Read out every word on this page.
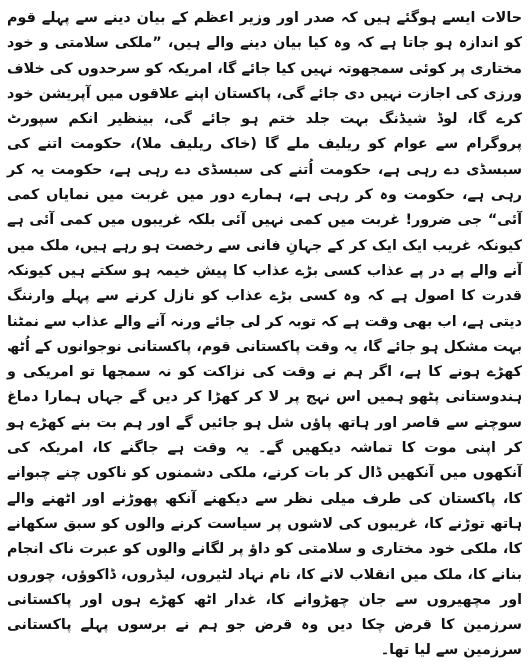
حالات ایسے ہوگئے ہیں کہ صدر اور وزیر اعظم کے بیان دینے سے پہلے قوم کو اندازہ ہو جاتا ہے کہ وہ کیا بیان دینے والے ہیں، ”ملکی سلامتی و خود مختاری پر کوئی سمجھوتہ نہیں کیا جائے گا، امریکہ کو سرحدوں کی خلاف ورزی کی اجازت نہیں دی جائے گی، پاکستان اپنے علاقوں میں آپریشن خود کرے گا، لوڈ شیڈنگ بہت جلد ختم ہو جائے گی، بینظیر انکم سپورٹ پروگرام سے عوام کو ریلیف ملے گا (خاک ریلیف ملا)، حکومت اتنے کی سبسڈی دے رہی ہے، حکومت اُتنے کی سبسڈی دے رہی ہے، حکومت یہ کر رہی ہے، حکومت وہ کر رہی ہے، ہمارے دور میں غربت میں نمایاں کمی آئی“ جی ضرور! غربت میں کمی نہیں آئی بلکہ غریبوں میں کمی آئی ہے کیونکہ غریب ایک ایک کر کے جہانِ فانی سے رخصت ہو رہے ہیں، ملک میں آنے والے پے در پے عذاب کسی بڑے عذاب کا پیش خیمہ ہو سکتے ہیں کیونکہ قدرت کا اصول ہے کہ وہ کسی بڑے عذاب کو نازل کرنے سے پہلے وارننگ دیتی ہے، اب بھی وقت ہے کہ توبہ کر لی جائے ورنہ آنے والے عذاب سے نمٹنا بہت مشکل ہو جائے گا، یہ وقت پاکستانی قوم، پاکستانی نوجوانوں کے اُٹھ کھڑے ہونے کا ہے، اگر ہم نے وقت کی نزاکت کو نہ سمجھا تو امریکی و ہندوستانی پٹھو ہمیں اس نہج پر لا کر کھڑا کر دیں گے جہاں ہمارا دماغ سوچنے سے قاصر اور ہاتھ پاؤں شل ہو جائیں گے اور ہم بت بنے کھڑے ہو کر اپنی موت کا تماشہ دیکھیں گے۔ یہ وقت ہے جاگنے کا، امریکہ کی آنکھوں میں آنکھیں ڈال کر بات کرنے، ملکی دشمنوں کو ناکوں چنے چبوانے کا، پاکستان کی طرف میلی نظر سے دیکھنے آنکھ پھوڑنے اور اٹھنے والے ہاتھ توڑنے کا، غریبوں کی لاشوں پر سیاست کرنے والوں کو سبق سکھانے کا، ملکی خود مختاری و سلامتی کو داؤ پر لگانے والوں کو عبرت ناک انجام بنانے کا، ملک میں انقلاب لانے کا، نام نہاد لٹیروں، لیڈروں، ڈاکوؤں، چوروں اور مچھیروں سے جان چھڑوانے کا، غدار اٹھ کھڑے ہوں اور پاکستانی سرزمین کا قرض چکا دیں وہ قرض جو ہم نے برسوں پہلے پاکستانی سرزمین سے لیا تھا۔
